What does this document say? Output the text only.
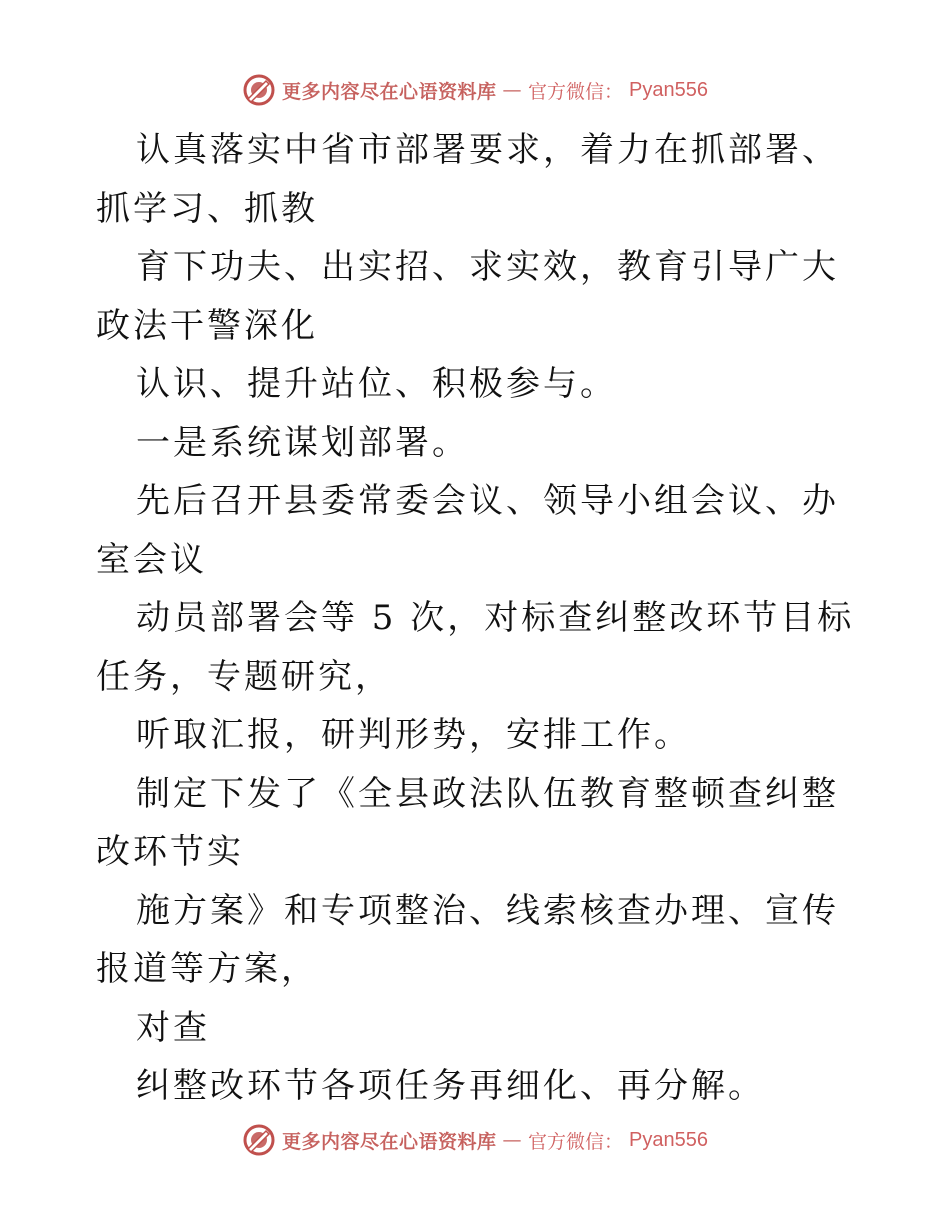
更多内容尽在心语资料库 — 官方微信： Pyan556

认真落实中省市部署要求，着力在抓部署、抓学习、抓教

育下功夫、出实招、求实效，教育引导广大政法干警深化

认识、提升站位、积极参与。

一是系统谋划部署。

先后召开县委常委会议、领导小组会议、办室会议

动员部署会等 5 次，对标查纠整改环节目标任务，专题研究，

听取汇报，研判形势，安排工作。

制定下发了《全县政法队伍教育整顿查纠整改环节实

施方案》和专项整治、线索核查办理、宣传报道等方案，

对查

纠整改环节各项任务再细化、再分解。

更多内容尽在心语资料库 — 官方微信： Pyan556
